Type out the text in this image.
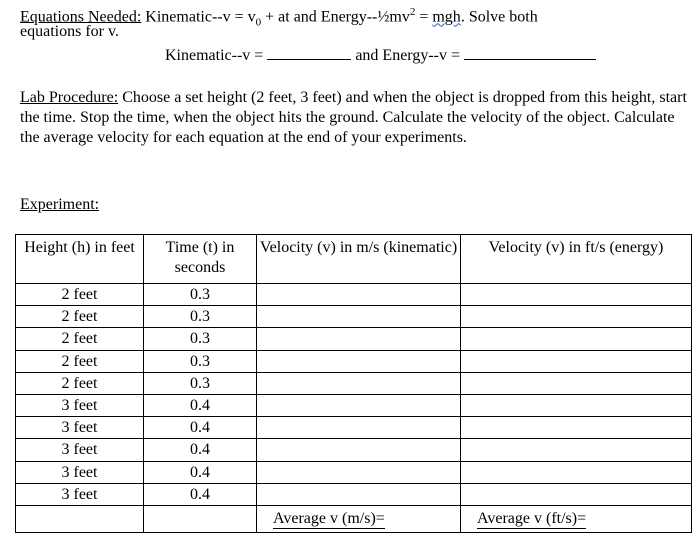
Equations Needed: Kinematic--v = $v_0$ + at and Energy-$-\frac{1}{2}mv^2$ = mgh. Solve both
equations for v.
Kinematic--v =	and Energy--v =
Lab Procedure: Choose a set height (2 feet, 3 feet) and when the object is dropped from this height, start the time. Stop the time, when the object hits the ground. Calculate the velocity of the object. Calculate the average velocity for each equation at the end of your experiments.
Experiment:
Height (h) in feet	Time (t) in seconds	Velocity (v) in m/s (kinematic)	Velocity (v) in ft/s (energy)
2 feet	0.3		
2 feet	0.3		
2 feet	0.3		
2 feet	0.3		
2 feet	0.3		
3 feet	0.4		
3 feet	0.4		
3 feet	0.4		
3 feet	0.4		
3 feet	0.4		
		Average v (m/s)=	Average v (ft/s)=
